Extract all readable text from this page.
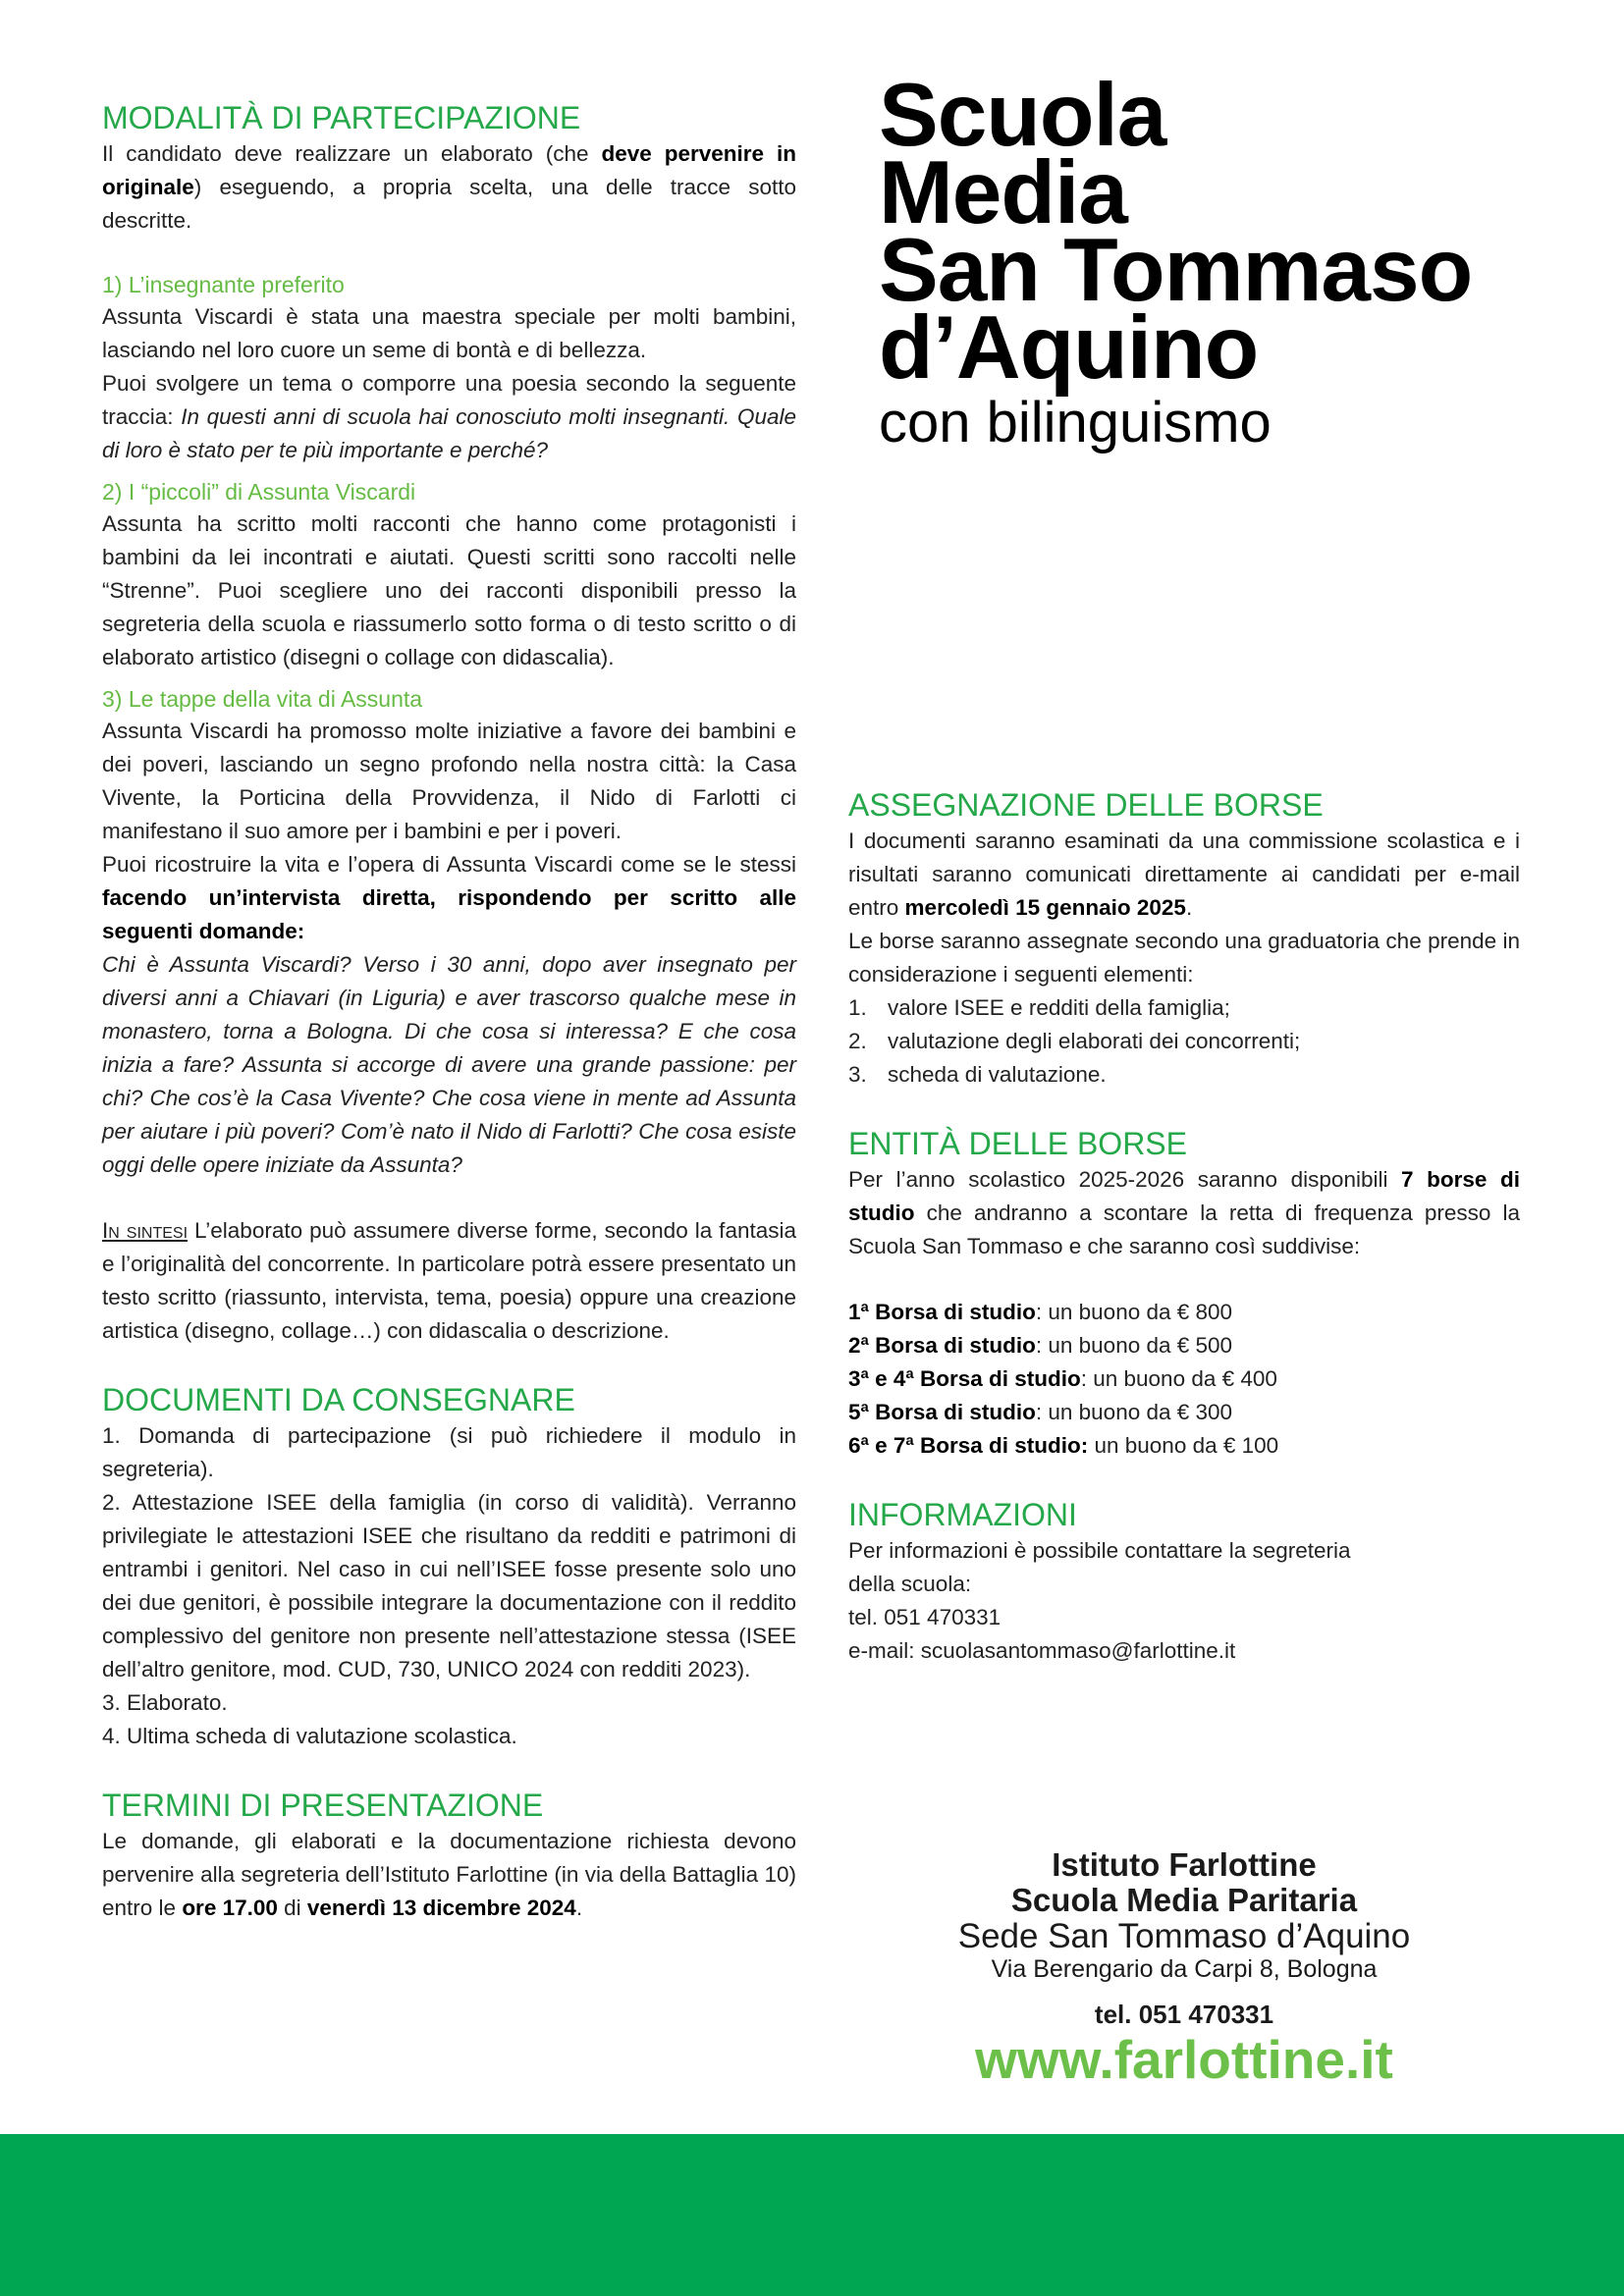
MODALITÀ DI PARTECIPAZIONE

Il candidato deve realizzare un elaborato (che deve pervenire in originale) eseguendo, a propria scelta, una delle tracce sotto descritte.

1) L’insegnante preferito

Assunta Viscardi è stata una maestra speciale per molti bambini, lasciando nel loro cuore un seme di bontà e di bellezza.

Puoi svolgere un tema o comporre una poesia secondo la seguente traccia: In questi anni di scuola hai conosciuto molti insegnanti. Quale di loro è stato per te più importante e perché?

2) I “piccoli” di Assunta Viscardi

Assunta ha scritto molti racconti che hanno come protagonisti i bambini da lei incontrati e aiutati. Questi scritti sono raccolti nelle “Strenne”. Puoi scegliere uno dei racconti disponibili presso la segreteria della scuola e riassumerlo sotto forma o di testo scritto o di elaborato artistico (disegni o collage con didascalia).

3) Le tappe della vita di Assunta

Assunta Viscardi ha promosso molte iniziative a favore dei bambini e dei poveri, lasciando un segno profondo nella nostra città: la Casa Vivente, la Porticina della Provvidenza, il Nido di Farlotti ci manifestano il suo amore per i bambini e per i poveri.

Puoi ricostruire la vita e l’opera di Assunta Viscardi come se le stessi facendo un’intervista diretta, rispondendo per scritto alle seguenti domande:

Chi è Assunta Viscardi? Verso i 30 anni, dopo aver insegnato per diversi anni a Chiavari (in Liguria) e aver trascorso qualche mese in monastero, torna a Bologna. Di che cosa si interessa? E che cosa inizia a fare? Assunta si accorge di avere una grande passione: per chi? Che cos’è la Casa Vivente? Che cosa viene in mente ad Assunta per aiutare i più poveri? Com’è nato il Nido di Farlotti? Che cosa esiste oggi delle opere iniziate da Assunta?

In sintesi L’elaborato può assumere diverse forme, secondo la fantasia e l’originalità del concorrente. In particolare potrà essere presentato un testo scritto (riassunto, intervista, tema, poesia) oppure una creazione artistica (disegno, collage…) con didascalia o descrizione.

DOCUMENTI DA CONSEGNARE

1. Domanda di partecipazione (si può richiedere il modulo in segreteria).

2. Attestazione ISEE della famiglia (in corso di validità). Verranno privilegiate le attestazioni ISEE che risultano da redditi e patrimoni di entrambi i genitori. Nel caso in cui nell’ISEE fosse presente solo uno dei due genitori, è possibile integrare la documentazione con il reddito complessivo del genitore non presente nell’attestazione stessa (ISEE dell’altro genitore, mod. CUD, 730, UNICO 2024 con redditi 2023).

3. Elaborato.

4. Ultima scheda di valutazione scolastica.

TERMINI DI PRESENTAZIONE

Le domande, gli elaborati e la documentazione richiesta devono pervenire alla segreteria dell’Istituto Farlottine (in via della Battaglia 10) entro le ore 17.00 di venerdì 13 dicembre 2024.

Scuola
Media
San Tommaso
d’Aquino
con bilinguismo
ASSEGNAZIONE DELLE BORSE

I documenti saranno esaminati da una commissione scolastica e i risultati saranno comunicati direttamente ai candidati per e-mail entro mercoledì 15 gennaio 2025.

Le borse saranno assegnate secondo una graduatoria che prende in considerazione i seguenti elementi:

1. valore ISEE e redditi della famiglia;
2. valutazione degli elaborati dei concorrenti;
3. scheda di valutazione.
ENTITÀ DELLE BORSE

Per l’anno scolastico 2025-2026 saranno disponibili 7 borse di studio che andranno a scontare la retta di frequenza presso la Scuola San Tommaso e che saranno così suddivise:

1ª Borsa di studio: un buono da € 800

2ª Borsa di studio: un buono da € 500

3ª e 4ª Borsa di studio: un buono da € 400

5ª Borsa di studio: un buono da € 300

6ª e 7ª Borsa di studio: un buono da € 100

INFORMAZIONI

Per informazioni è possibile contattare la segreteria

della scuola:

tel. 051 470331

e-mail: scuolasantommaso@farlottine.it

Istituto Farlottine
Scuola Media Paritaria
Sede San Tommaso d’Aquino
Via Berengario da Carpi 8, Bologna
tel. 051 470331
www.farlottine.it
